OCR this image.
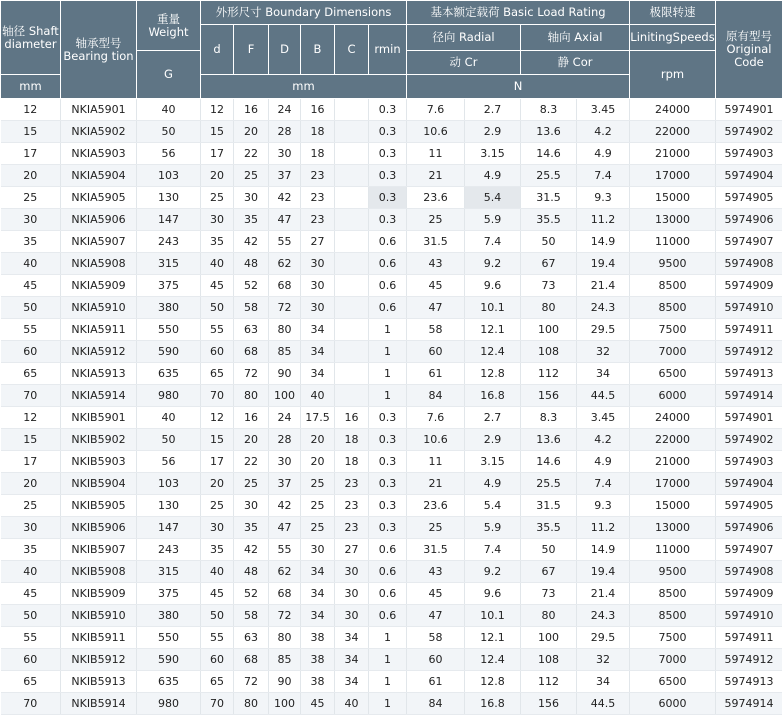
轴径 Shaft diameter	轴承型号 Bearing tion	重量 Weight	外形尺寸 Boundary Dimensions						基本额定载荷 Basic Load Rating				极限转速	原有型号 Original Code
			d	F	D	B	C	rmin	径向 Radial		轴向 Axial		LinitingSpeeds	
		G							动 Cr		静 Cor		rpm	
mm			mm						N					
12	NKIA5901	40	12	16	24	16		0.3	7.6	2.7	8.3	3.45	24000	5974901
15	NKIA5902	50	15	20	28	18		0.3	10.6	2.9	13.6	4.2	22000	5974902
17	NKIA5903	56	17	22	30	18		0.3	11	3.15	14.6	4.9	21000	5974903
20	NKIA5904	103	20	25	37	23		0.3	21	4.9	25.5	7.4	17000	5974904
25	NKIA5905	130	25	30	42	23		0.3	23.6	5.4	31.5	9.3	15000	5974905
30	NKIA5906	147	30	35	47	23		0.3	25	5.9	35.5	11.2	13000	5974906
35	NKIA5907	243	35	42	55	27		0.6	31.5	7.4	50	14.9	11000	5974907
40	NKIA5908	315	40	48	62	30		0.6	43	9.2	67	19.4	9500	5974908
45	NKIA5909	375	45	52	68	30		0.6	45	9.6	73	21.4	8500	5974909
50	NKIA5910	380	50	58	72	30		0.6	47	10.1	80	24.3	8500	5974910
55	NKIA5911	550	55	63	80	34		1	58	12.1	100	29.5	7500	5974911
60	NKIA5912	590	60	68	85	34		1	60	12.4	108	32	7000	5974912
65	NKIA5913	635	65	72	90	34		1	61	12.8	112	34	6500	5974913
70	NKIA5914	980	70	80	100	40		1	84	16.8	156	44.5	6000	5974914
12	NKIB5901	40	12	16	24	17.5	16	0.3	7.6	2.7	8.3	3.45	24000	5974901
15	NKIB5902	50	15	20	28	20	18	0.3	10.6	2.9	13.6	4.2	22000	5974902
17	NKIB5903	56	17	22	30	20	18	0.3	11	3.15	14.6	4.9	21000	5974903
20	NKIB5904	103	20	25	37	25	23	0.3	21	4.9	25.5	7.4	17000	5974904
25	NKIB5905	130	25	30	42	25	23	0.3	23.6	5.4	31.5	9.3	15000	5974905
30	NKIB5906	147	30	35	47	25	23	0.3	25	5.9	35.5	11.2	13000	5974906
35	NKIB5907	243	35	42	55	30	27	0.6	31.5	7.4	50	14.9	11000	5974907
40	NKIB5908	315	40	48	62	34	30	0.6	43	9.2	67	19.4	9500	5974908
45	NKIB5909	375	45	52	68	34	30	0.6	45	9.6	73	21.4	8500	5974909
50	NKIB5910	380	50	58	72	34	30	0.6	47	10.1	80	24.3	8500	5974910
55	NKIB5911	550	55	63	80	38	34	1	58	12.1	100	29.5	7500	5974911
60	NKIB5912	590	60	68	85	38	34	1	60	12.4	108	32	7000	5974912
65	NKIB5913	635	65	72	90	38	34	1	61	12.8	112	34	6500	5974913
70	NKIB5914	980	70	80	100	45	40	1	84	16.8	156	44.5	6000	5974914
